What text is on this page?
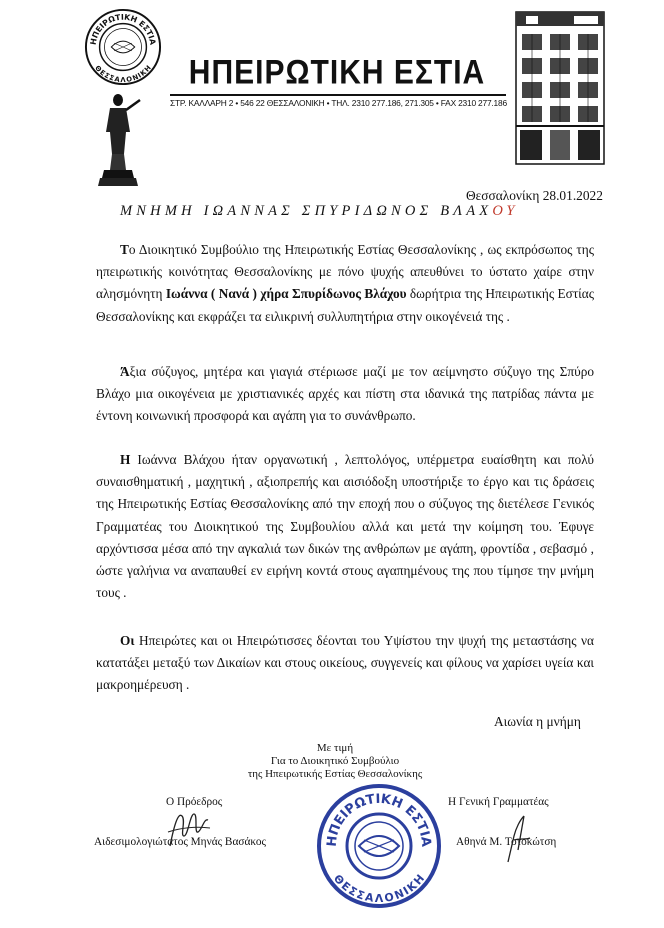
ΗΠΕΙΡΩΤΙΚΗ ΕΣΤΙΑ
ΘΕΣΣΑΛΟΝΙΚΗ	ΗΠΕΙΡΩΤΙΚΗ ΕΣΤΙΑ
ΣΤΡ. ΚΑΛΛΑΡΗ 2 • 546 22 ΘΕΣΣΑΛΟΝΙΚΗ • ΤΗΛ. 2310 277.186, 271.305 • FAX 2310 277.186
Θεσσαλονίκη 28.01.2022
ΜΝΗΜΗ ΙΩΑΝΝΑΣ ΣΠΥΡΙΔΩΝΟΣ ΒΛΑΧΟΥ

Το Διοικητικό Συμβούλιο της Ηπειρωτικής Εστίας Θεσσαλονίκης , ως εκπρόσωπος της ηπειρωτικής κοινότητας Θεσσαλονίκης με πόνο ψυχής απευθύνει το ύστατο χαίρε στην αλησμόνητη Ιωάννα ( Νανά ) χήρα Σπυρίδωνος Βλάχου δωρήτρια της Ηπειρωτικής Εστίας Θεσσαλονίκης και εκφράζει τα ειλικρινή συλλυπητήρια στην οικογένειά της .

Άξια σύζυγος, μητέρα και γιαγιά στέριωσε μαζί με τον αείμνηστο σύζυγο της Σπύρο Βλάχο μια οικογένεια με χριστιανικές αρχές και πίστη στα ιδανικά της πατρίδας πάντα με έντονη κοινωνική προσφορά και αγάπη για το συνάνθρωπο.

Η Ιωάννα Βλάχου ήταν οργανωτική , λεπτολόγος, υπέρμετρα ευαίσθητη και πολύ συναισθηματική , μαχητική , αξιοπρεπής και αισιόδοξη υποστήριξε το έργο και τις δράσεις της Ηπειρωτικής Εστίας Θεσσαλονίκης από την εποχή που ο σύζυγος της διετέλεσε Γενικός Γραμματέας του Διοικητικού της Συμβουλίου αλλά και μετά την κοίμηση του. Έφυγε αρχόντισσα μέσα από την αγκαλιά των δικών της ανθρώπων με αγάπη, φροντίδα , σεβασμό , ώστε γαλήνια να αναπαυθεί εν ειρήνη κοντά στους αγαπημένους της που τίμησε την μνήμη τους .

Οι Ηπειρώτες και οι Ηπειρώτισσες δέονται του Υψίστου την ψυχή της μεταστάσης να κατατάξει μεταξύ των Δικαίων και στους οικείους, συγγενείς και φίλους να χαρίσει υγεία και μακροημέρευση .

Αιωνία η μνήμη
Με τιμή
Για το Διοικητικό Συμβούλιο
της Ηπειρωτικής Εστίας Θεσσαλονίκης
Ο Πρόεδρος
Αιδεσιμολογιώτατος Μηνάς Βασάκος
Η Γενική Γραμματέας
Αθηνά Μ. Τοτοκώτση
ΗΠΕΙΡΩΤΙΚΗ ΕΣΤΙΑ
ΘΕΣΣΑΛΟΝΙΚΗ
